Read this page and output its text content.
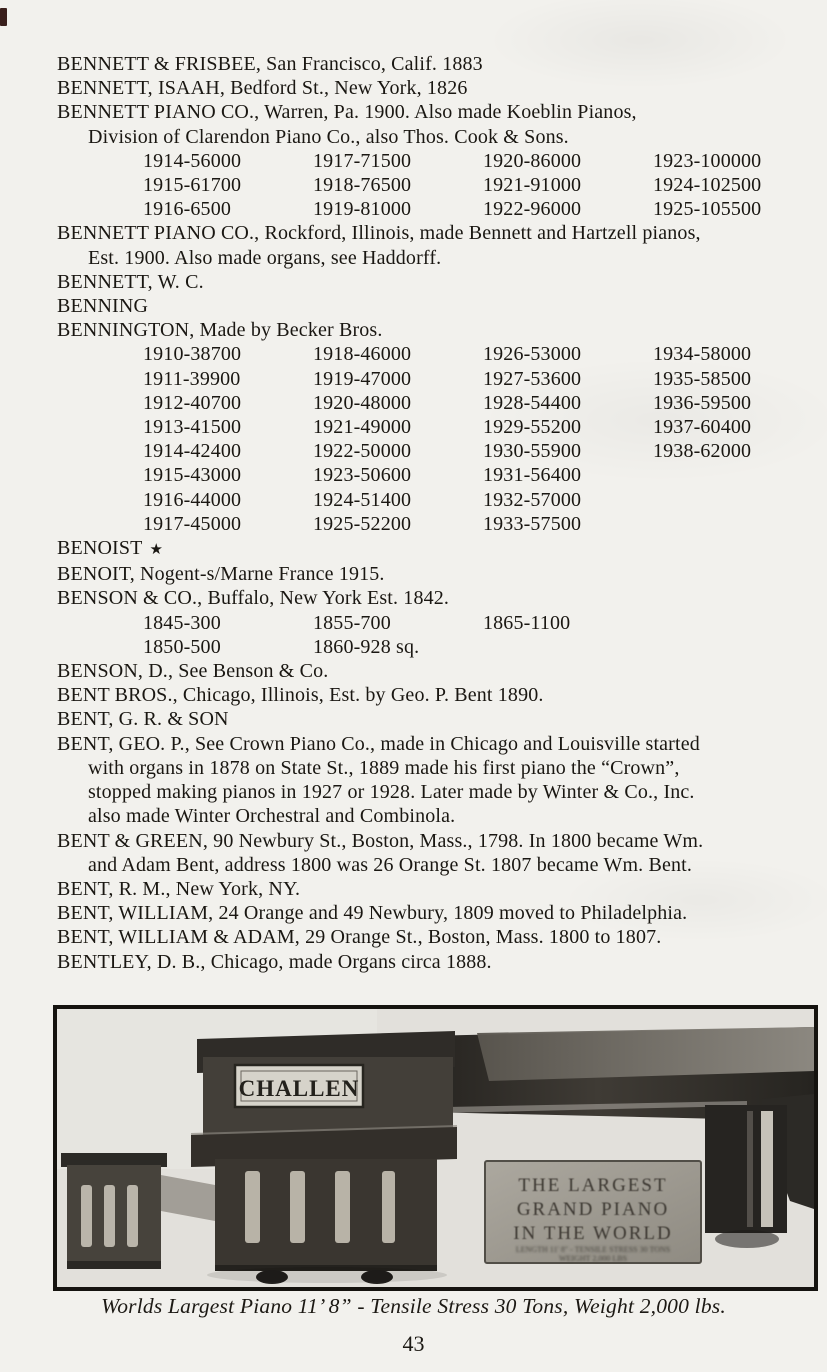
BENNETT & FRISBEE, San Francisco, Calif. 1883
BENNETT, ISAAH, Bedford St., New York, 1826
BENNETT PIANO CO., Warren, Pa. 1900. Also made Koeblin Pianos,
Division of Clarendon Piano Co., also Thos. Cook & Sons.
1914-56000	1917-71500	1920-86000	1923-100000
1915-61700	1918-76500	1921-91000	1924-102500
1916-6500	1919-81000	1922-96000	1925-105500
BENNETT PIANO CO., Rockford, Illinois, made Bennett and Hartzell pianos,
Est. 1900. Also made organs, see Haddorff.
BENNETT, W. C.
BENNING
BENNINGTON, Made by Becker Bros.
1910-38700	1918-46000	1926-53000	1934-58000
1911-39900	1919-47000	1927-53600	1935-58500
1912-40700	1920-48000	1928-54400	1936-59500
1913-41500	1921-49000	1929-55200	1937-60400
1914-42400	1922-50000	1930-55900	1938-62000
1915-43000	1923-50600	1931-56400
1916-44000	1924-51400	1932-57000
1917-45000	1925-52200	1933-57500
BENOIST ★
BENOIT, Nogent-s/Marne France 1915.
BENSON & CO., Buffalo, New York Est. 1842.
1845-300	1855-700	1865-1100
1850-500	1860-928 sq.
BENSON, D., See Benson & Co.
BENT BROS., Chicago, Illinois, Est. by Geo. P. Bent 1890.
BENT, G. R. & SON
BENT, GEO. P., See Crown Piano Co., made in Chicago and Louisville started
with organs in 1878 on State St., 1889 made his first piano the “Crown”,
stopped making pianos in 1927 or 1928. Later made by Winter & Co., Inc.
also made Winter Orchestral and Combinola.
BENT & GREEN, 90 Newbury St., Boston, Mass., 1798. In 1800 became Wm.
and Adam Bent, address 1800 was 26 Orange St. 1807 became Wm. Bent.
BENT, R. M., New York, NY.
BENT, WILLIAM, 24 Orange and 49 Newbury, 1809 moved to Philadelphia.
BENT, WILLIAM & ADAM, 29 Orange St., Boston, Mass. 1800 to 1807.
BENTLEY, D. B., Chicago, made Organs circa 1888.
CHALLEN
THE LARGEST
GRAND PIANO
IN THE WORLD
LENGTH 11' 8" - TENSILE STRESS 30 TONS
WEIGHT 2,000 LBS
Worlds Largest Piano 11’ 8” - Tensile Stress 30 Tons, Weight 2,000 lbs.
43
